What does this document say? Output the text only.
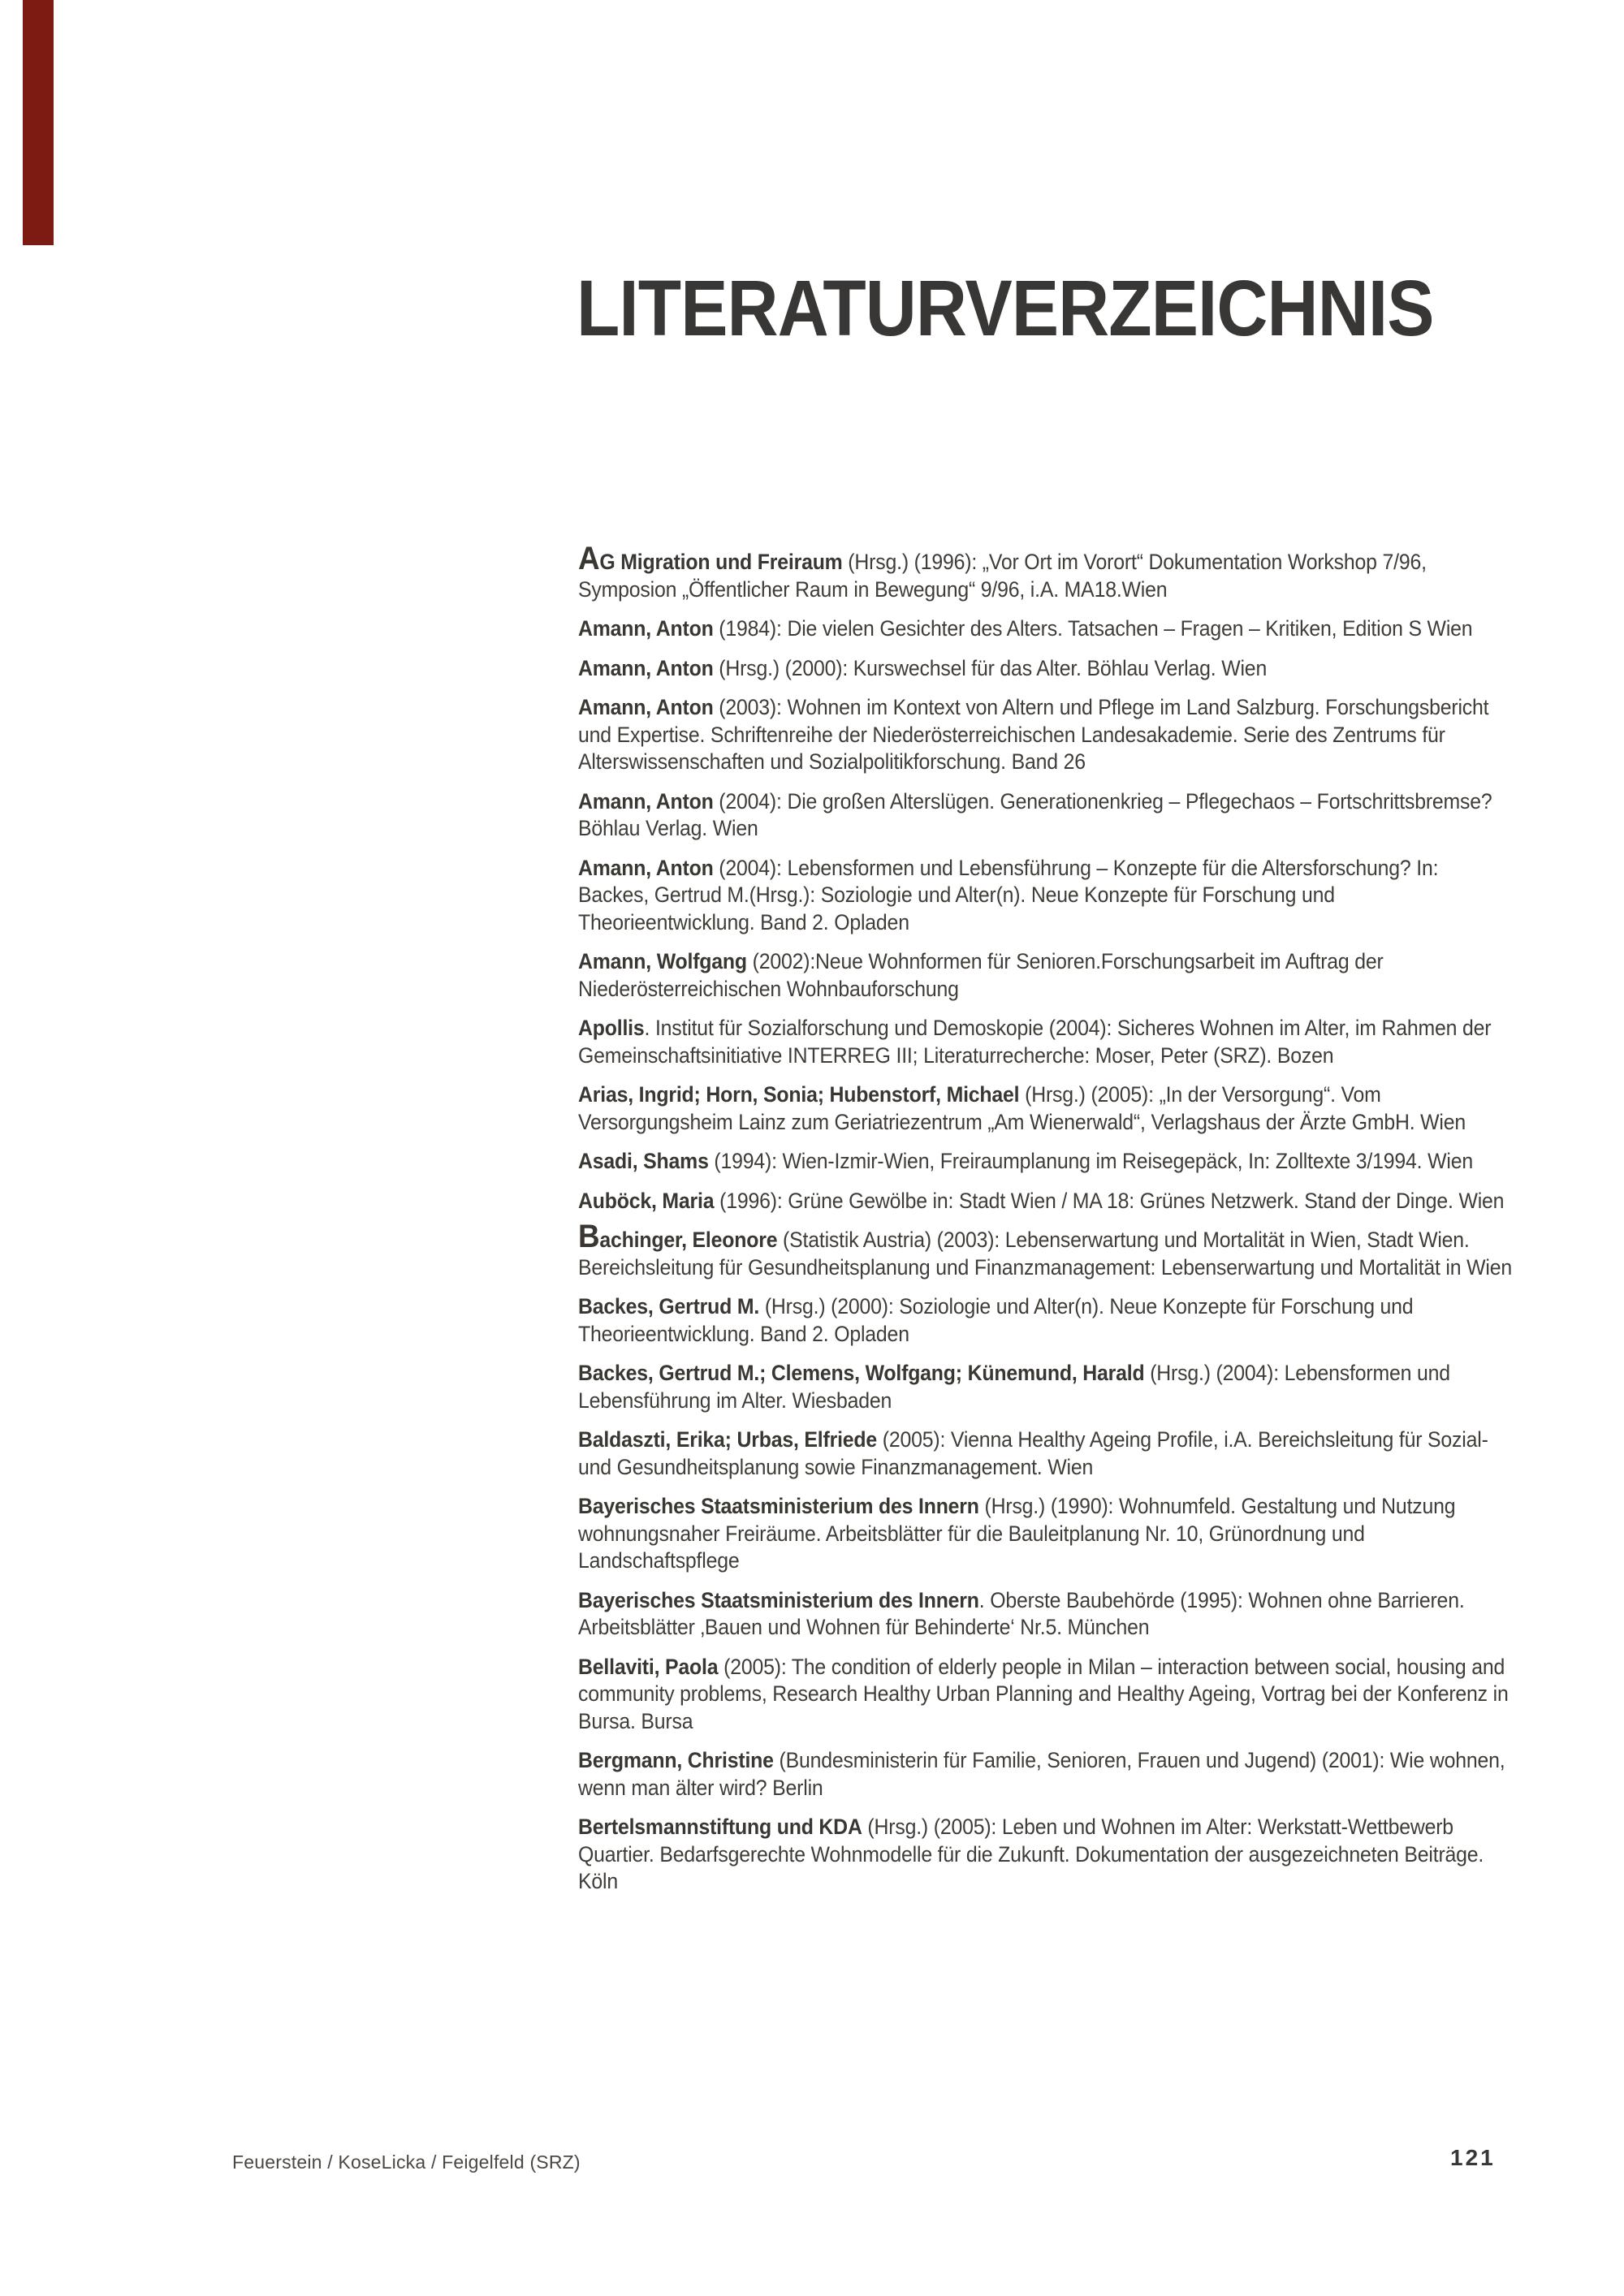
LITERATURVERZEICHNIS

AG Migration und Freiraum (Hrsg.) (1996): „Vor Ort im Vorort“ Dokumentation Workshop 7/96, Symposion „Öffentlicher Raum in Bewegung“ 9/96, i.A. MA18.Wien

Amann, Anton (1984): Die vielen Gesichter des Alters. Tatsachen – Fragen – Kritiken, Edition S Wien

Amann, Anton (Hrsg.) (2000): Kurswechsel für das Alter. Böhlau Verlag. Wien

Amann, Anton (2003): Wohnen im Kontext von Altern und Pflege im Land Salzburg. Forschungsbericht und Expertise. Schriftenreihe der Niederösterreichischen Landesakademie. Serie des Zentrums für Alterswissenschaften und Sozialpolitikforschung. Band 26

Amann, Anton (2004): Die großen Alterslügen. Generationenkrieg – Pflegechaos – Fortschrittsbremse? Böhlau Verlag. Wien

Amann, Anton (2004): Lebensformen und Lebensführung – Konzepte für die Altersforschung? In: Backes, Gertrud M.(Hrsg.): Soziologie und Alter(n). Neue Konzepte für Forschung und Theorieentwicklung. Band 2. Opladen

Amann, Wolfgang (2002):Neue Wohnformen für Senioren.Forschungsarbeit im Auftrag der Niederösterreichischen Wohnbauforschung

Apollis. Institut für Sozialforschung und Demoskopie (2004): Sicheres Wohnen im Alter, im Rahmen der Gemeinschaftsinitiative INTERREG III; Literaturrecherche: Moser, Peter (SRZ). Bozen

Arias, Ingrid; Horn, Sonia; Hubenstorf, Michael (Hrsg.) (2005): „In der Versorgung“. Vom Versorgungsheim Lainz zum Geriatriezentrum „Am Wienerwald“, Verlagshaus der Ärzte GmbH. Wien

Asadi, Shams (1994): Wien-Izmir-Wien, Freiraumplanung im Reisegepäck, In: Zolltexte 3/1994. Wien

Auböck, Maria (1996): Grüne Gewölbe in: Stadt Wien / MA 18: Grünes Netzwerk. Stand der Dinge. Wien

Bachinger, Eleonore (Statistik Austria) (2003): Lebenserwartung und Mortalität in Wien, Stadt Wien. Bereichsleitung für Gesundheitsplanung und Finanzmanagement: Lebenserwartung und Mortalität in Wien

Backes, Gertrud M. (Hrsg.) (2000): Soziologie und Alter(n). Neue Konzepte für Forschung und Theorieentwicklung. Band 2. Opladen

Backes, Gertrud M.; Clemens, Wolfgang; Künemund, Harald (Hrsg.) (2004): Lebensformen und Lebensführung im Alter. Wiesbaden

Baldaszti, Erika; Urbas, Elfriede (2005): Vienna Healthy Ageing Profile, i.A. Bereichsleitung für Sozial- und Gesundheitsplanung sowie Finanzmanagement. Wien

Bayerisches Staatsministerium des Innern (Hrsg.) (1990): Wohnumfeld. Gestaltung und Nutzung wohnungsnaher Freiräume. Arbeitsblätter für die Bauleitplanung Nr. 10, Grünordnung und Landschaftspflege

Bayerisches Staatsministerium des Innern. Oberste Baubehörde (1995): Wohnen ohne Barrieren. Arbeitsblätter ‚Bauen und Wohnen für Behinderte‘ Nr.5. München

Bellaviti, Paola (2005): The condition of elderly people in Milan – interaction between social, housing and community problems, Research Healthy Urban Planning and Healthy Ageing, Vortrag bei der Konferenz in Bursa. Bursa

Bergmann, Christine (Bundesministerin für Familie, Senioren, Frauen und Jugend) (2001): Wie wohnen, wenn man älter wird? Berlin

Bertelsmannstiftung und KDA (Hrsg.) (2005): Leben und Wohnen im Alter: Werkstatt-Wettbewerb Quartier. Bedarfsgerechte Wohnmodelle für die Zukunft. Dokumentation der ausgezeichneten Beiträge. Köln

Feuerstein / KoseLicka / Feigelfeld (SRZ)	121
